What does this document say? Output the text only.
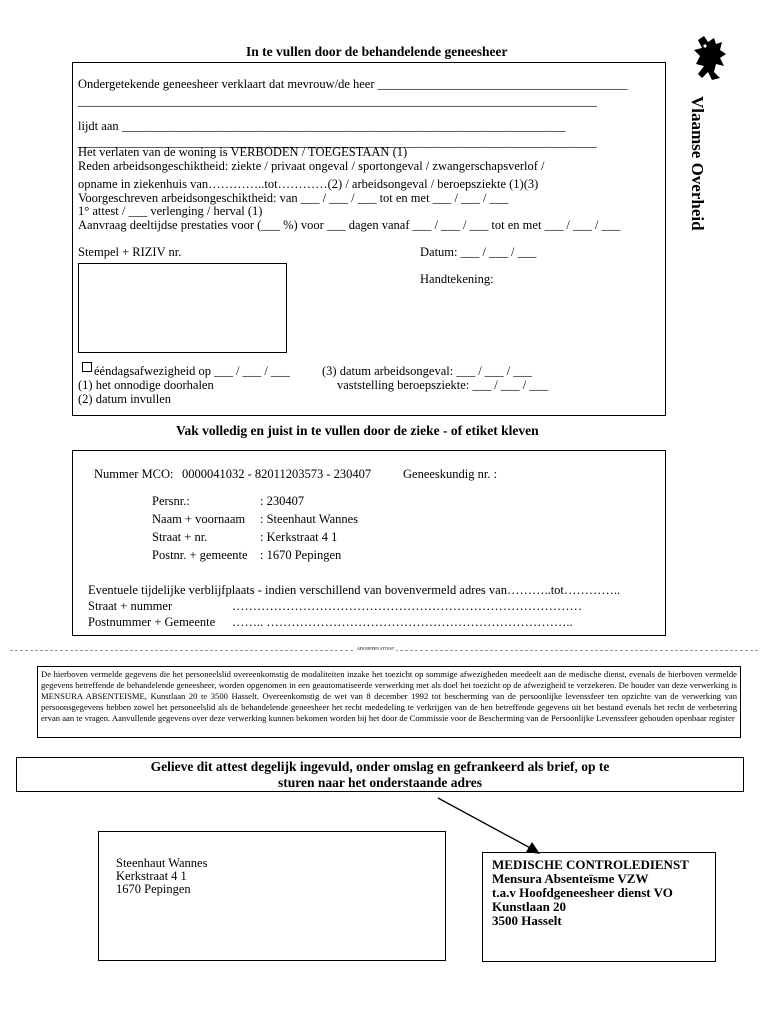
In te vullen door de behandelende geneesheer
Ondergetekende geneesheer verklaart dat mevrouw/de heer ________________________________________
___________________________________________________________________________________
lijdt aan _______________________________________________________________________
___________________________________________________________________________________
Het verlaten van de woning is VERBODEN / TOEGESTAAN (1)
Reden arbeidsongeschiktheid: ziekte / privaat ongeval / sportongeval / zwangerschapsverlof /
opname in ziekenhuis van…………..tot…………(2) / arbeidsongeval / beroepsziekte (1)(3)
Voorgeschreven arbeidsongeschiktheid: van ___ / ___ / ___ tot en met ___ / ___ / ___
1° attest / ___ verlenging / herval (1)
Aanvraag deeltijdse prestaties voor (___ %) voor ___ dagen vanaf ___ / ___ / ___ tot en met ___ / ___ / ___
Stempel + RIZIV nr.	Datum: ___ / ___ / ___
Handtekening:
ééndagsafwezigheid op ___ / ___ / ___	(3) datum arbeidsongeval: ___ / ___ / ___
(1) het onnodige doorhalen	vaststelling beroepsziekte: ___ / ___ / ___
(2) datum invullen
Vlaamse Overheid
Vak volledig en juist in te vullen door de zieke - of etiket kleven
Nummer MCO: 0000041032 - 82011203573 - 230407	Geneeskundig nr. :
Persnr.:	: 230407
Naam + voornaam : Steenhaut Wannes
Straat + nr.	: Kerkstraat 4 1
Postnr. + gemeente : 1670 Pepingen
Eventuele tijdelijke verblijfplaats - indien verschillend van bovenvermeld adres van………..tot…………..
Straat + nummer	…………………………………………………………………………
Postnummer + Gemeente …….. ………………………………………………………………..
AFKNIPPEN ATTEST
De hierboven vermelde gegevens die het personeelslid overeenkomstig de modaliteiten inzake het toezicht op sommige afwezigheden meedeelt aan de medische dienst, evenals de hierboven vermelde gegevens betreffende de behandelende geneesheer, worden opgenomen in een geautomatiseerde verwerking met als doel het toezicht op de afwezigheid te verzekeren. De houder van deze verwerking is MENSURA ABSENTEISME, Kunstlaan 20 te 3500 Hasselt. Overeenkomstig de wet van 8 december 1992 tot bescherming van de persoonlijke levenssfeer ten opzichte van de verwerking van persoonsgegevens hebben zowel het personeelslid als de behandelende geneesheer het recht mededeling te verkrijgen van de hen betreffende gegevens uit het bestand evenals het recht de verbetering ervan aan te vragen. Aanvullende gegevens over deze verwerking kunnen bekomen worden bij het door de Commissie voor de Bescherming van de Persoonlijke Levenssfeer gehouden openbaar register
Gelieve dit attest degelijk ingevuld, onder omslag en gefrankeerd als brief, op te
sturen naar het onderstaande adres
Steenhaut Wannes
Kerkstraat 4 1
1670 Pepingen
MEDISCHE CONTROLEDIENST
Mensura Absenteïsme VZW
t.a.v Hoofdgeneesheer dienst VO
Kunstlaan 20
3500 Hasselt
